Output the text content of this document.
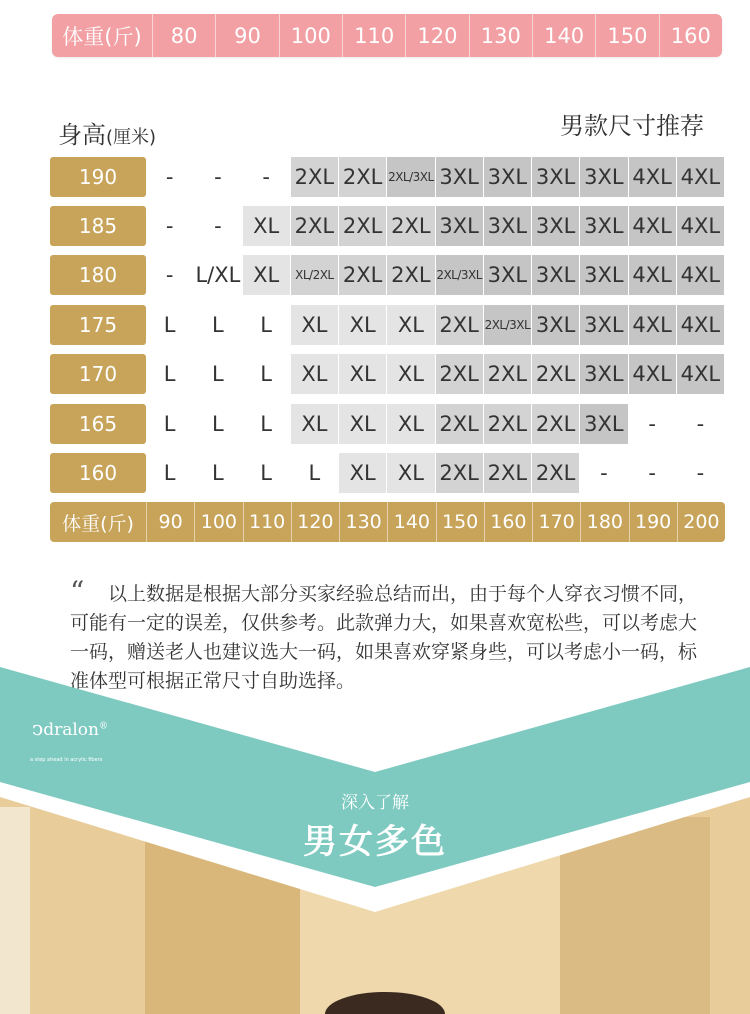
体重(斤)	80	90	100	110	120	130	140	150	160
身高(厘米)	男款尺寸推荐
190	-	-	-	2XL 2XL 2XL/3XL 3XL 3XL 3XL 3XL 4XL 4XL
185	-	-	XL 2XL 2XL 2XL 3XL 3XL 3XL 3XL 4XL 4XL
180	-	L/XL XL	XL/2XL 2XL 2XL 2XL/3XL 3XL 3XL 3XL 4XL 4XL
175	L	L	L	XL	XL	XL 2XL 2XL/3XL 3XL 3XL 4XL 4XL
170	L	L	L	XL	XL	XL 2XL 2XL 2XL 3XL 4XL 4XL
165	L	L	L	XL	XL	XL 2XL 2XL 2XL 3XL	-	-
160	L	L	L	L	XL	XL 2XL 2XL 2XL	-	-	-
体重(斤)	90 100 110 120 130 140 150 160 170 180 190 200
“	以上数据是根据大部分买家经验总结而出，由于每个人穿衣习惯不同，可能有一定的误差，仅供参考。此款弹力大，如果喜欢宽松些，可以考虑大一码，赠送老人也建议选大一码，如果喜欢穿紧身些，可以考虑小一码，标准体型可根据正常尺寸自助选择。
ↄdralon®
a step ahead in acrylic fibers
深入了解
男女多色
